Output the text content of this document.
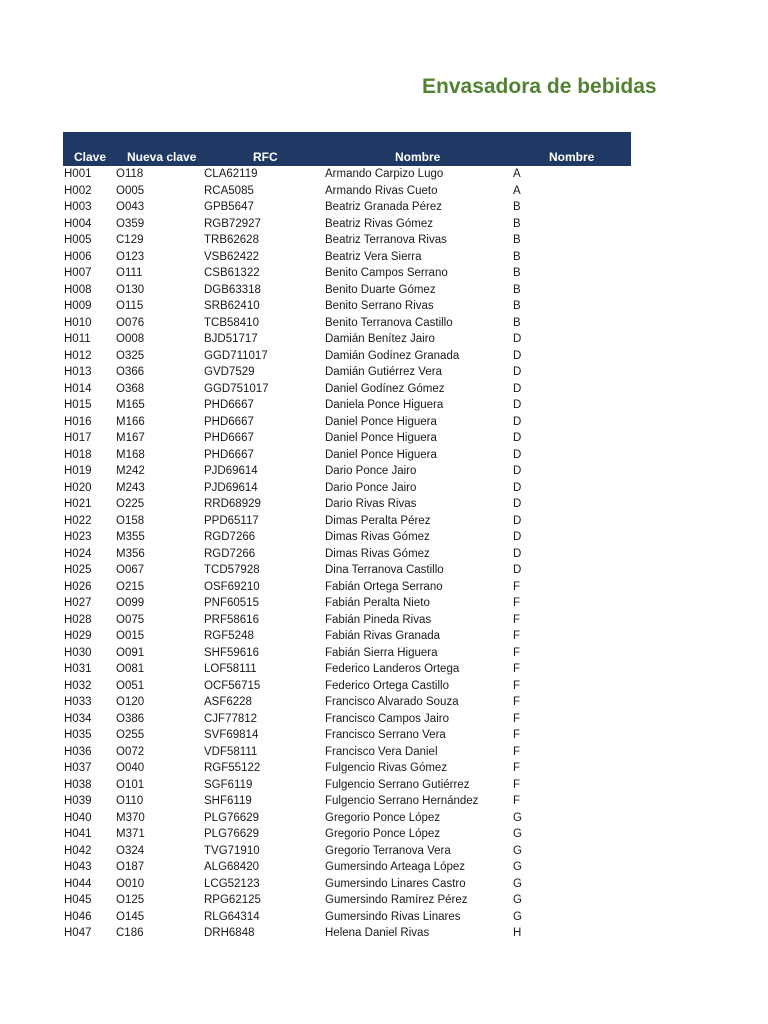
Envasadora de bebidas
Clave Nueva clave	RFC	Nombre	Nombre
H001 O118	CLA62119	Armando Carpizo Lugo	A
H002 O005	RCA5085	Armando Rivas Cueto	A
H003 O043	GPB5647	Beatriz Granada Pérez	B
H004 O359	RGB72927	Beatriz Rivas Gómez	B
H005 C129	TRB62628	Beatriz Terranova Rivas	B
H006 O123	VSB62422	Beatriz Vera Sierra	B
H007 O111	CSB61322	Benito Campos Serrano	B
H008 O130	DGB63318	Benito Duarte Gómez	B
H009 O115	SRB62410	Benito Serrano Rivas	B
H010 O076	TCB58410	Benito Terranova Castillo	B
H011 O008	BJD51717	Damián Benítez Jairo	D
H012 O325	GGD711017	Damián Godínez Granada	D
H013 O366	GVD7529	Damián Gutiérrez Vera	D
H014 O368	GGD751017	Daniel Godínez Gómez	D
H015 M165	PHD6667	Daniela Ponce Higuera	D
H016 M166	PHD6667	Daniel Ponce Higuera	D
H017 M167	PHD6667	Daniel Ponce Higuera	D
H018 M168	PHD6667	Daniel Ponce Higuera	D
H019 M242	PJD69614	Dario Ponce Jairo	D
H020 M243	PJD69614	Dario Ponce Jairo	D
H021 O225	RRD68929	Dario Rivas Rivas	D
H022 O158	PPD65117	Dimas Peralta Pérez	D
H023 M355	RGD7266	Dimas Rivas Gómez	D
H024 M356	RGD7266	Dimas Rivas Gómez	D
H025 O067	TCD57928	Dina Terranova Castillo	D
H026 O215	OSF69210	Fabián Ortega Serrano	F
H027 O099	PNF60515	Fabián Peralta Nieto	F
H028 O075	PRF58616	Fabián Pineda Rivas	F
H029 O015	RGF5248	Fabián Rivas Granada	F
H030 O091	SHF59616	Fabián Sierra Higuera	F
H031 O081	LOF58111	Federico Landeros Ortega	F
H032 O051	OCF56715	Federico Ortega Castillo	F
H033 O120	ASF6228	Francisco Alvarado Souza	F
H034 O386	CJF77812	Francisco Campos Jairo	F
H035 O255	SVF69814	Francisco Serrano Vera	F
H036 O072	VDF58111	Francisco Vera Daniel	F
H037 O040	RGF55122	Fulgencio Rivas Gómez	F
H038 O101	SGF6119	Fulgencio Serrano Gutiérrez	F
H039 O110	SHF6119	Fulgencio Serrano Hernández	F
H040 M370	PLG76629	Gregorio Ponce López	G
H041 M371	PLG76629	Gregorio Ponce López	G
H042 O324	TVG71910	Gregorio Terranova Vera	G
H043 O187	ALG68420	Gumersindo Arteaga López	G
H044 O010	LCG52123	Gumersindo Linares Castro	G
H045 O125	RPG62125	Gumersindo Ramírez Pérez	G
H046 O145	RLG64314	Gumersindo Rivas Linares	G
H047 C186	DRH6848	Helena Daniel Rivas	H
